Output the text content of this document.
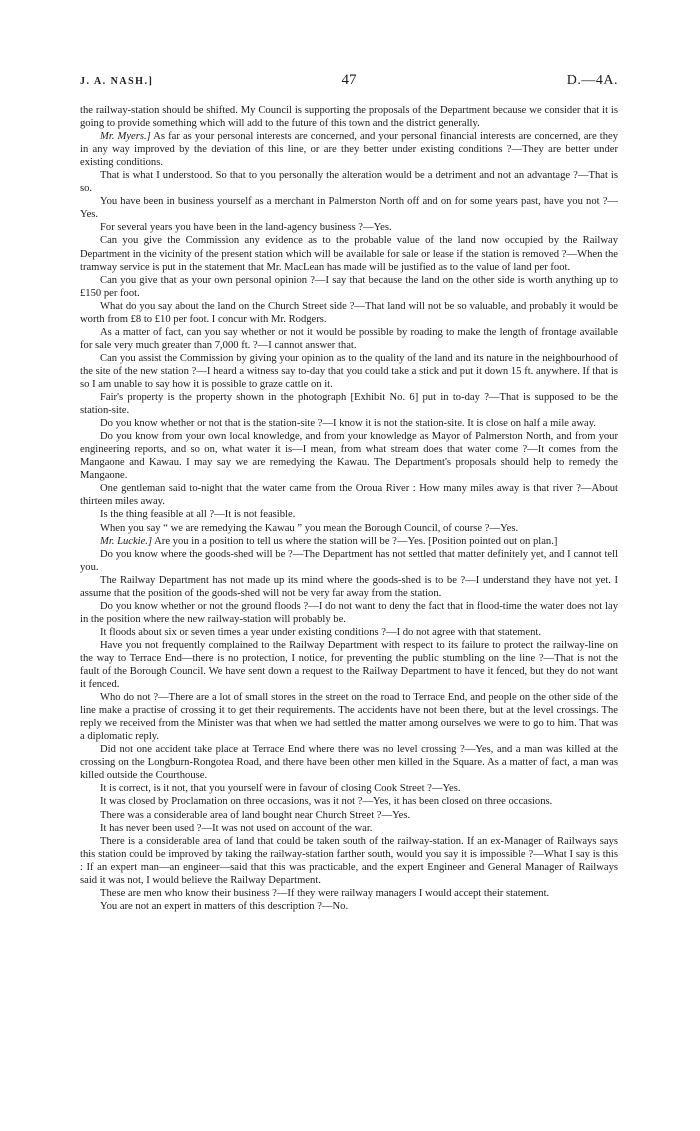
J. A. NASH.]	47	D.—4A.

the railway-station should be shifted. My Council is supporting the proposals of the Department because we consider that it is going to provide something which will add to the future of this town and the district generally.

Mr. Myers.] As far as your personal interests are concerned, and your personal financial interests are concerned, are they in any way improved by the deviation of this line, or are they better under existing conditions ?—They are better under existing conditions.

That is what I understood. So that to you personally the alteration would be a detriment and not an advantage ?—That is so.

You have been in business yourself as a merchant in Palmerston North off and on for some years past, have you not ?—Yes.

For several years you have been in the land-agency business ?—Yes.

Can you give the Commission any evidence as to the probable value of the land now occupied by the Railway Department in the vicinity of the present station which will be available for sale or lease if the station is removed ?—When the tramway service is put in the statement that Mr. MacLean has made will be justified as to the value of land per foot.

Can you give that as your own personal opinion ?—I say that because the land on the other side is worth anything up to £150 per foot.

What do you say about the land on the Church Street side ?—That land will not be so valuable, and probably it would be worth from £8 to £10 per foot. I concur with Mr. Rodgers.

As a matter of fact, can you say whether or not it would be possible by roading to make the length of frontage available for sale very much greater than 7,000 ft. ?—I cannot answer that.

Can you assist the Commission by giving your opinion as to the quality of the land and its nature in the neighbourhood of the site of the new station ?—I heard a witness say to-day that you could take a stick and put it down 15 ft. anywhere. If that is so I am unable to say how it is possible to graze cattle on it.

Fair's property is the property shown in the photograph [Exhibit No. 6] put in to-day ?—That is supposed to be the station-site.

Do you know whether or not that is the station-site ?—I know it is not the station-site. It is close on half a mile away.

Do you know from your own local knowledge, and from your knowledge as Mayor of Palmerston North, and from your engineering reports, and so on, what water it is—I mean, from what stream does that water come ?—It comes from the Mangaone and Kawau. I may say we are remedying the Kawau. The Department's proposals should help to remedy the Mangaone.

One gentleman said to-night that the water came from the Oroua River : How many miles away is that river ?—About thirteen miles away.

Is the thing feasible at all ?—It is not feasible.

When you say “ we are remedying the Kawau ” you mean the Borough Council, of course ?—Yes.

Mr. Luckie.] Are you in a position to tell us where the station will be ?—Yes. [Position pointed out on plan.]

Do you know where the goods-shed will be ?—The Department has not settled that matter definitely yet, and I cannot tell you.

The Railway Department has not made up its mind where the goods-shed is to be ?—I understand they have not yet. I assume that the position of the goods-shed will not be very far away from the station.

Do you know whether or not the ground floods ?—I do not want to deny the fact that in flood-time the water does not lay in the position where the new railway-station will probably be.

It floods about six or seven times a year under existing conditions ?—I do not agree with that statement.

Have you not frequently complained to the Railway Department with respect to its failure to protect the railway-line on the way to Terrace End—there is no protection, I notice, for preventing the public stumbling on the line ?—That is not the fault of the Borough Council. We have sent down a request to the Railway Department to have it fenced, but they do not want it fenced.

Who do not ?—There are a lot of small stores in the street on the road to Terrace End, and people on the other side of the line make a practise of crossing it to get their requirements. The accidents have not been there, but at the level crossings. The reply we received from the Minister was that when we had settled the matter among ourselves we were to go to him. That was a diplomatic reply.

Did not one accident take place at Terrace End where there was no level crossing ?—Yes, and a man was killed at the crossing on the Longburn-Rongotea Road, and there have been other men killed in the Square. As a matter of fact, a man was killed outside the Courthouse.

It is correct, is it not, that you yourself were in favour of closing Cook Street ?—Yes.

It was closed by Proclamation on three occasions, was it not ?—Yes, it has been closed on three occasions.

There was a considerable area of land bought near Church Street ?—Yes.

It has never been used ?—It was not used on account of the war.

There is a considerable area of land that could be taken south of the railway-station. If an ex-Manager of Railways says this station could be improved by taking the railway-station farther south, would you say it is impossible ?—What I say is this : If an expert man—an engineer—said that this was practicable, and the expert Engineer and General Manager of Railways said it was not, I would believe the Railway Department.

These are men who know their business ?—If they were railway managers I would accept their statement.

You are not an expert in matters of this description ?—No.
